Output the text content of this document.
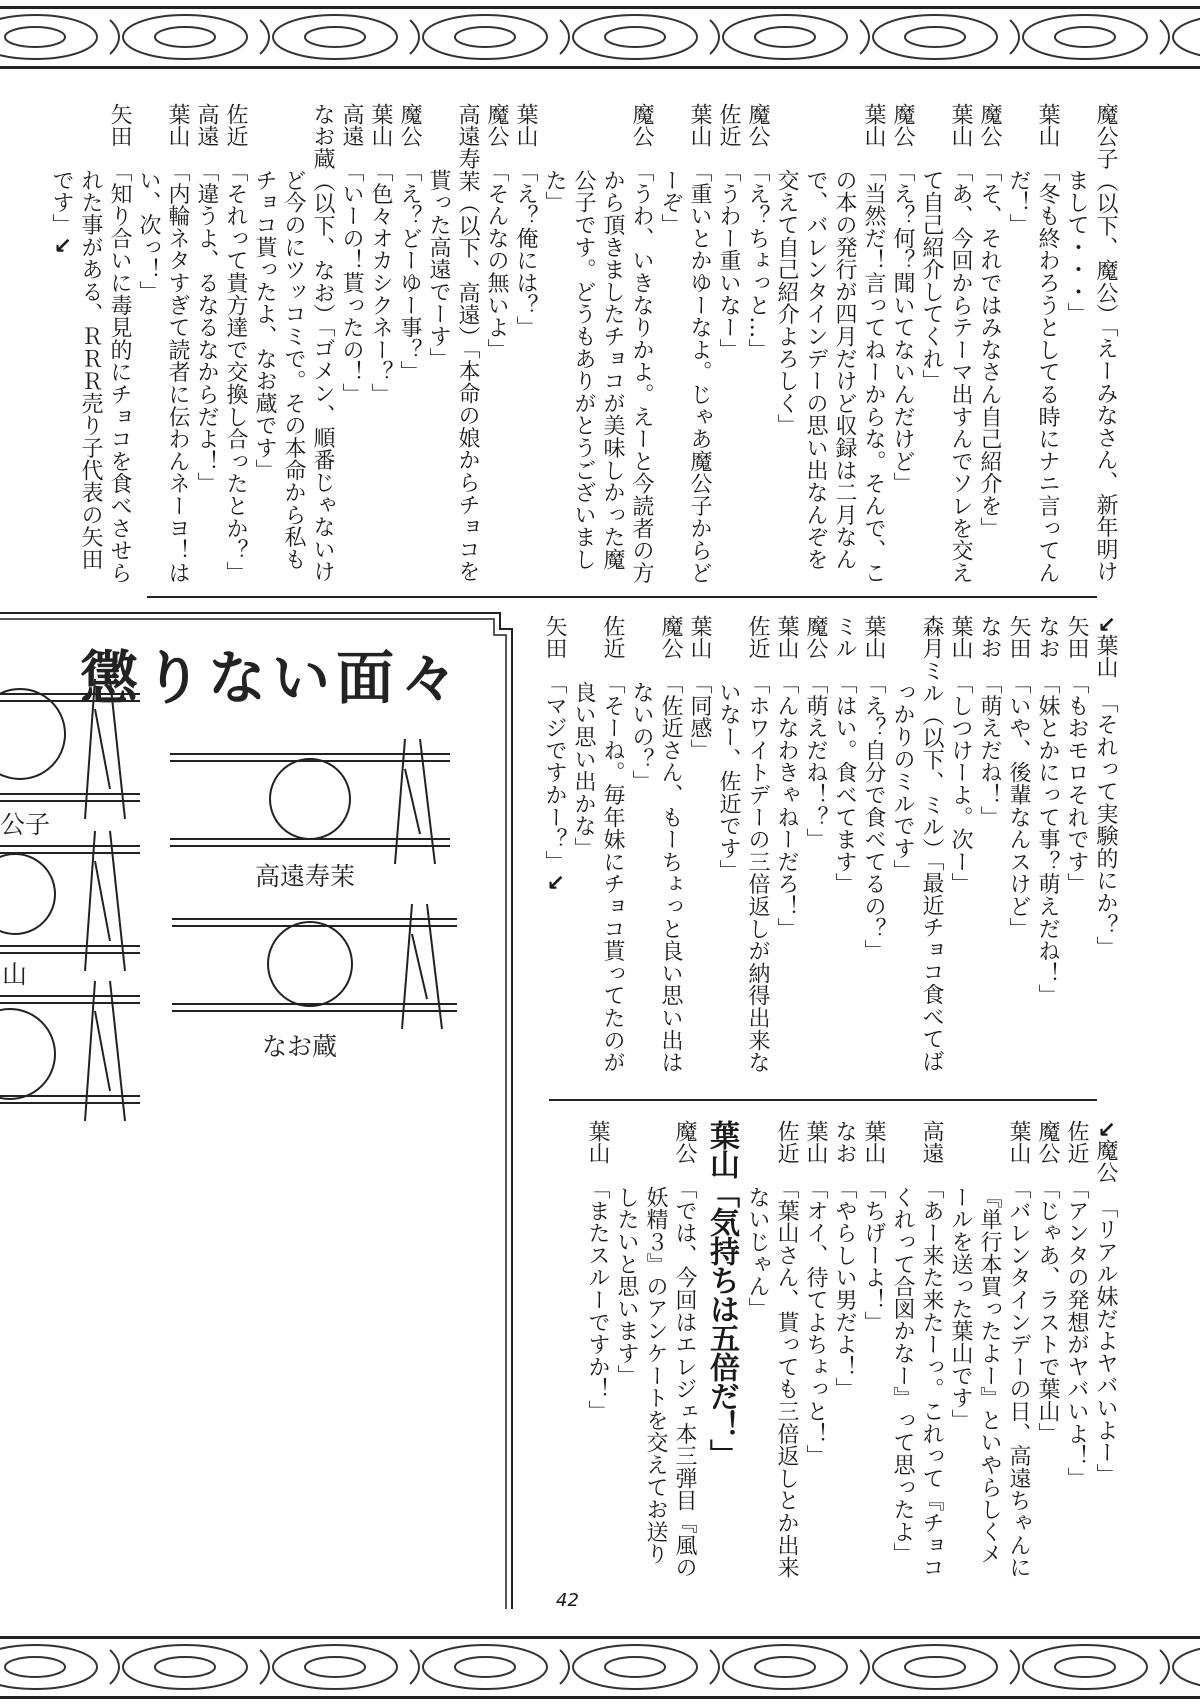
魔公子（以下、魔公）「えーみなさん、新年明けまして・・・」

葉山「冬も終わろうとしてる時にナニ言ってんだ！」

魔公「そ、それではみなさん自己紹介を」

葉山「あ、今回からテーマ出すんでソレを交えて自己紹介してくれ」

魔公「え？何？聞いてないんだけど」

葉山「当然だ！言ってねーからな。そんで、この本の発行が四月だけど収録は二月なんで、バレンタインデーの思い出なんぞを交えて自己紹介よろしく」

魔公「え？ちょっと…」

佐近「うわー重いなー」

葉山「重いとかゆーなよ。じゃあ魔公子からどーぞ」

魔公「うわ、いきなりかよ。えーと今読者の方から頂きましたチョコが美味しかった魔公子です。どうもありがとうございました」

葉山「え？俺には？」

魔公「そんなの無いよ」

高遠寿茉（以下、高遠）「本命の娘からチョコを貰った高遠でーす」

魔公「え？どーゆー事？」

葉山「色々オカシクネー？」

高遠「いーの！貰ったの！」

なお蔵（以下、なお）「ゴメン、順番じゃないけど今のにツッコミで。その本命から私もチョコ貰ったよ、なお蔵です」

佐近「それって貴方達で交換し合ったとか？」

高遠「違うよ、るなるなからだよ！」

葉山「内輪ネタすぎて読者に伝わんネーヨ！はい、次っ！」

矢田「知り合いに毒見的にチョコを食べさせられた事がある、ＲＲＲ売り子代表の矢田です」↘

↘葉山「それって実験的にか？」

矢田「もおモロそれです」

なお「妹とかにって事？萌えだね！」

矢田「いや、後輩なんスけど」

なお「萌えだね！」

葉山「しつけーよ。次ー」

森月ミル（以下、ミル）「最近チョコ食べてばっかりのミルです」

葉山「え？自分で食べてるの？」

ミル「はい。食べてます」

魔公「萌えだね！？」

葉山「んなわきゃねーだろ！」

佐近「ホワイトデーの三倍返しが納得出来ないなー、佐近です」

葉山「同感」

魔公「佐近さん、もーちょっと良い思い出はないの？」

佐近「そーね。毎年妹にチョコ貰ってたのが良い思い出かな」

矢田「マジですかー？」↘

↘魔公「リアル妹だよヤバいよー」

佐近「アンタの発想がヤバいよ！」

魔公「じゃあ、ラストで葉山」

葉山「バレンタインデーの日、高遠ちゃんに『単行本買ったよー』といやらしくメールを送った葉山です」

高遠「あー来た来たーっ。これって『チョコくれって合図かなー』って思ったよ」

葉山「ちげーよ！」

なお「やらしい男だよ！」

葉山「オイ、待てよちょっと！」

佐近「葉山さん、貰っても三倍返しとか出来ないじゃん」

葉山「気持ちは五倍だ！」

魔公「では、今回はエレジェ本三弾目『風の妖精３』のアンケートを交えてお送りしたいと思います」

葉山「またスルーですか！」

懲りない面々
公子
山
高遠寿茉
なお蔵
42
